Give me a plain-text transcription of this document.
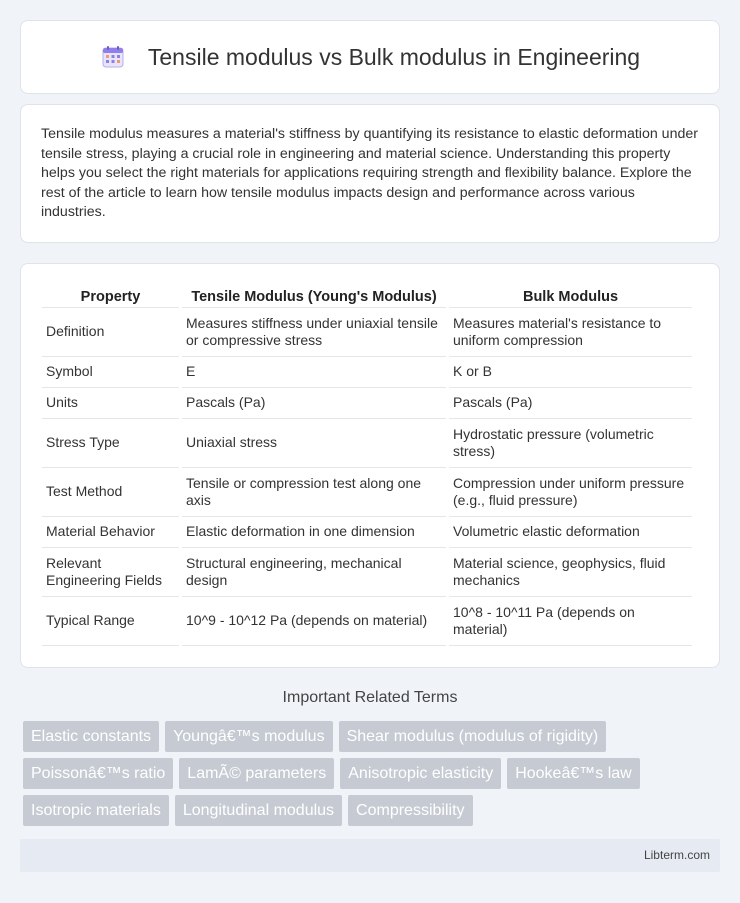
Tensile modulus vs Bulk modulus in Engineering

Tensile modulus measures a material's stiffness by quantifying its resistance to elastic deformation under tensile stress, playing a crucial role in engineering and material science. Understanding this property helps you select the right materials for applications requiring strength and flexibility balance. Explore the rest of the article to learn how tensile modulus impacts design and performance across various industries.

Property	Tensile Modulus (Young's Modulus)	Bulk Modulus
Definition	Measures stiffness under uniaxial tensile or compressive stress	Measures material's resistance to uniform compression
Symbol	E	K or B
Units	Pascals (Pa)	Pascals (Pa)
Stress Type	Uniaxial stress	Hydrostatic pressure (volumetric stress)
Test Method	Tensile or compression test along one axis	Compression under uniform pressure (e.g., fluid pressure)
Material Behavior	Elastic deformation in one dimension	Volumetric elastic deformation
Relevant Engineering Fields	Structural engineering, mechanical design	Material science, geophysics, fluid mechanics
Typical Range	10^9 - 10^12 Pa (depends on material)	10^8 - 10^11 Pa (depends on material)
Important Related Terms
Elastic constants	Youngâ€™s modulus	Shear modulus (modulus of rigidity)
Poissonâ€™s ratio	LamÃ© parameters	Anisotropic elasticity	Hookeâ€™s law
Isotropic materials	Longitudinal modulus	Compressibility
Libterm.com
